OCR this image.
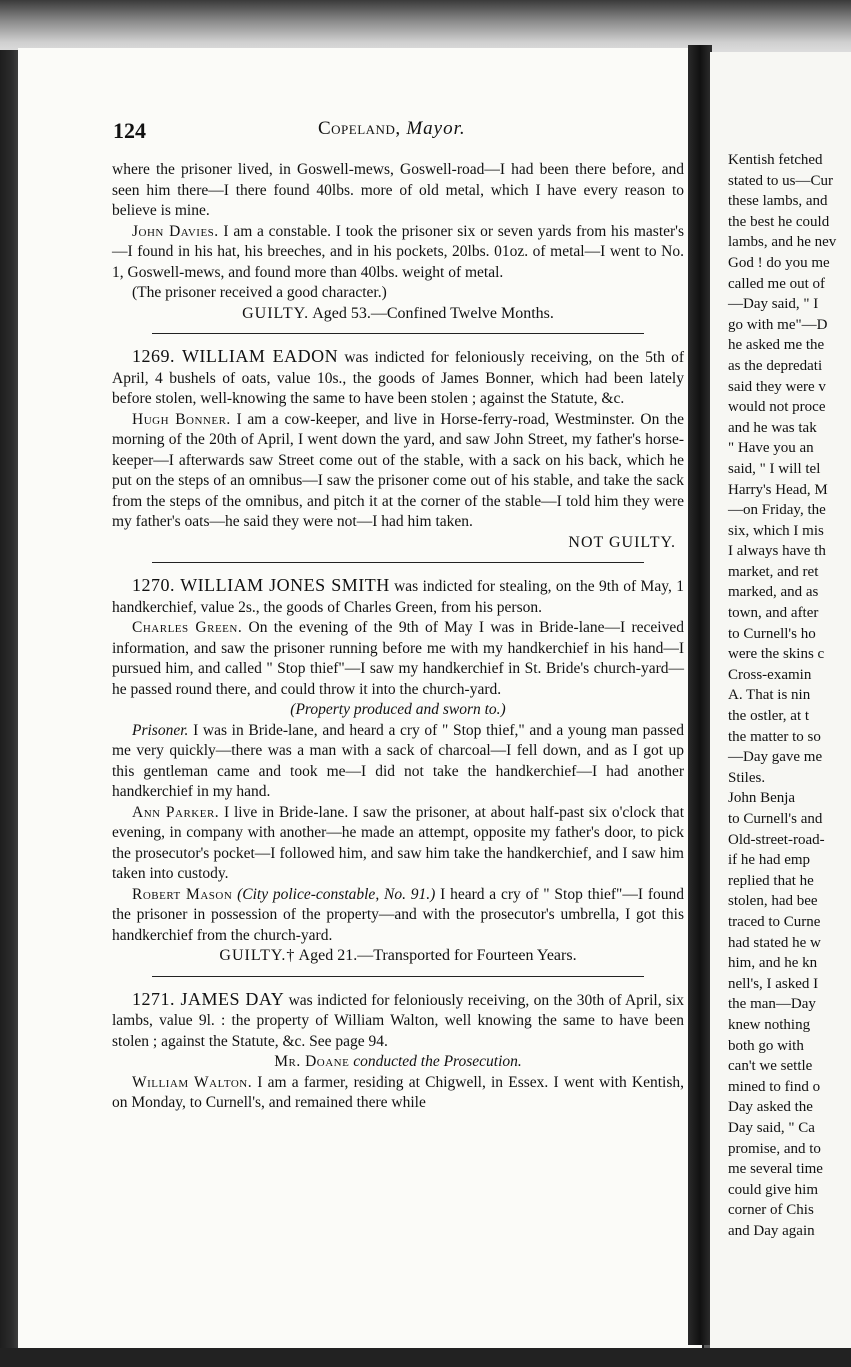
Kentish fetched
stated to us—Cur
these lambs, and
the best he could
lambs, and he nev
God ! do you me
called me out of
—Day said, " I
go with me"—D
he asked me the
as the depredati
said they were v
would not proce
and he was tak
" Have you an
said, " I will tel
Harry's Head, M
—on Friday, the
six, which I mis
I always have th
market, and ret
marked, and as
town, and after
to Curnell's ho
were the skins c
Cross-examin
A. That is nin
the ostler, at t
the matter to so
—Day gave me
Stiles.
John Benja
to Curnell's and
Old-street-road-
if he had emp
replied that he
stolen, had bee
traced to Curne
had stated he w
him, and he kn
nell's, I asked I
the man—Day
knew nothing
both go with
can't we settle
mined to find o
Day asked the
Day said, " Ca
promise, and to
me several time
could give him
corner of Chis
and Day again
124	Copeland, Mayor.

where the prisoner lived, in Goswell-mews, Goswell-road—I had been there before, and seen him there—I there found 40lbs. more of old metal, which I have every reason to believe is mine.

John Davies. I am a constable. I took the prisoner six or seven yards from his master's—I found in his hat, his breeches, and in his pockets, 20lbs. 01oz. of metal—I went to No. 1, Goswell-mews, and found more than 40lbs. weight of metal.

(The prisoner received a good character.)

GUILTY. Aged 53.—Confined Twelve Months.

1269. WILLIAM EADON was indicted for feloniously receiving, on the 5th of April, 4 bushels of oats, value 10s., the goods of James Bonner, which had been lately before stolen, well-knowing the same to have been stolen ; against the Statute, &c.

Hugh Bonner. I am a cow-keeper, and live in Horse-ferry-road, Westminster. On the morning of the 20th of April, I went down the yard, and saw John Street, my father's horse-keeper—I afterwards saw Street come out of the stable, with a sack on his back, which he put on the steps of an omnibus—I saw the prisoner come out of his stable, and take the sack from the steps of the omnibus, and pitch it at the corner of the stable—I told him they were my father's oats—he said they were not—I had him taken.

NOT GUILTY.

1270. WILLIAM JONES SMITH was indicted for stealing, on the 9th of May, 1 handkerchief, value 2s., the goods of Charles Green, from his person.

Charles Green. On the evening of the 9th of May I was in Bride-lane—I received information, and saw the prisoner running before me with my handkerchief in his hand—I pursued him, and called " Stop thief"—I saw my handkerchief in St. Bride's church-yard—he passed round there, and could throw it into the church-yard.

(Property produced and sworn to.)

Prisoner. I was in Bride-lane, and heard a cry of " Stop thief," and a young man passed me very quickly—there was a man with a sack of charcoal—I fell down, and as I got up this gentleman came and took me—I did not take the handkerchief—I had another handkerchief in my hand.

Ann Parker. I live in Bride-lane. I saw the prisoner, at about half-past six o'clock that evening, in company with another—he made an attempt, opposite my father's door, to pick the prosecutor's pocket—I followed him, and saw him take the handkerchief, and I saw him taken into custody.

Robert Mason (City police-constable, No. 91.) I heard a cry of " Stop thief"—I found the prisoner in possession of the property—and with the prosecutor's umbrella, I got this handkerchief from the church-yard.

GUILTY.† Aged 21.—Transported for Fourteen Years.

1271. JAMES DAY was indicted for feloniously receiving, on the 30th of April, six lambs, value 9l. : the property of William Walton, well knowing the same to have been stolen ; against the Statute, &c. See page 94.

Mr. Doane conducted the Prosecution.

William Walton. I am a farmer, residing at Chigwell, in Essex. I went with Kentish, on Monday, to Curnell's, and remained there while
